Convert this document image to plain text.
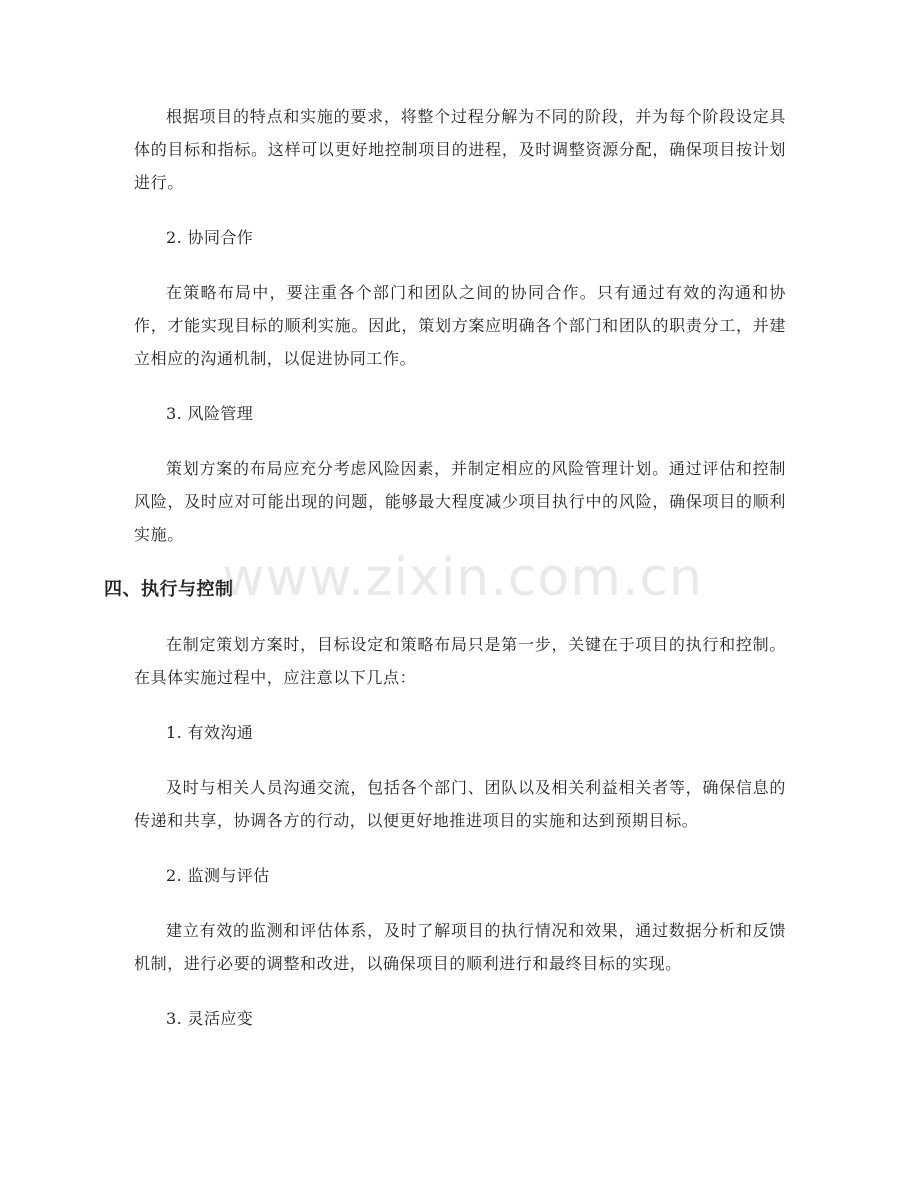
根据项目的特点和实施的要求，将整个过程分解为不同的阶段，并为每个阶段设定具体的目标和指标。这样可以更好地控制项目的进程，及时调整资源分配，确保项目按计划进行。

2. 协同合作

在策略布局中，要注重各个部门和团队之间的协同合作。只有通过有效的沟通和协作，才能实现目标的顺利实施。因此，策划方案应明确各个部门和团队的职责分工，并建立相应的沟通机制，以促进协同工作。

3. 风险管理

策划方案的布局应充分考虑风险因素，并制定相应的风险管理计划。通过评估和控制风险，及时应对可能出现的问题，能够最大程度减少项目执行中的风险，确保项目的顺利实施。

四、执行与控制

在制定策划方案时，目标设定和策略布局只是第一步，关键在于项目的执行和控制。在具体实施过程中，应注意以下几点：

1. 有效沟通

及时与相关人员沟通交流，包括各个部门、团队以及相关利益相关者等，确保信息的传递和共享，协调各方的行动，以便更好地推进项目的实施和达到预期目标。

2. 监测与评估

建立有效的监测和评估体系，及时了解项目的执行情况和效果，通过数据分析和反馈机制，进行必要的调整和改进，以确保项目的顺利进行和最终目标的实现。

3. 灵活应变

www.zixin.com.cn
